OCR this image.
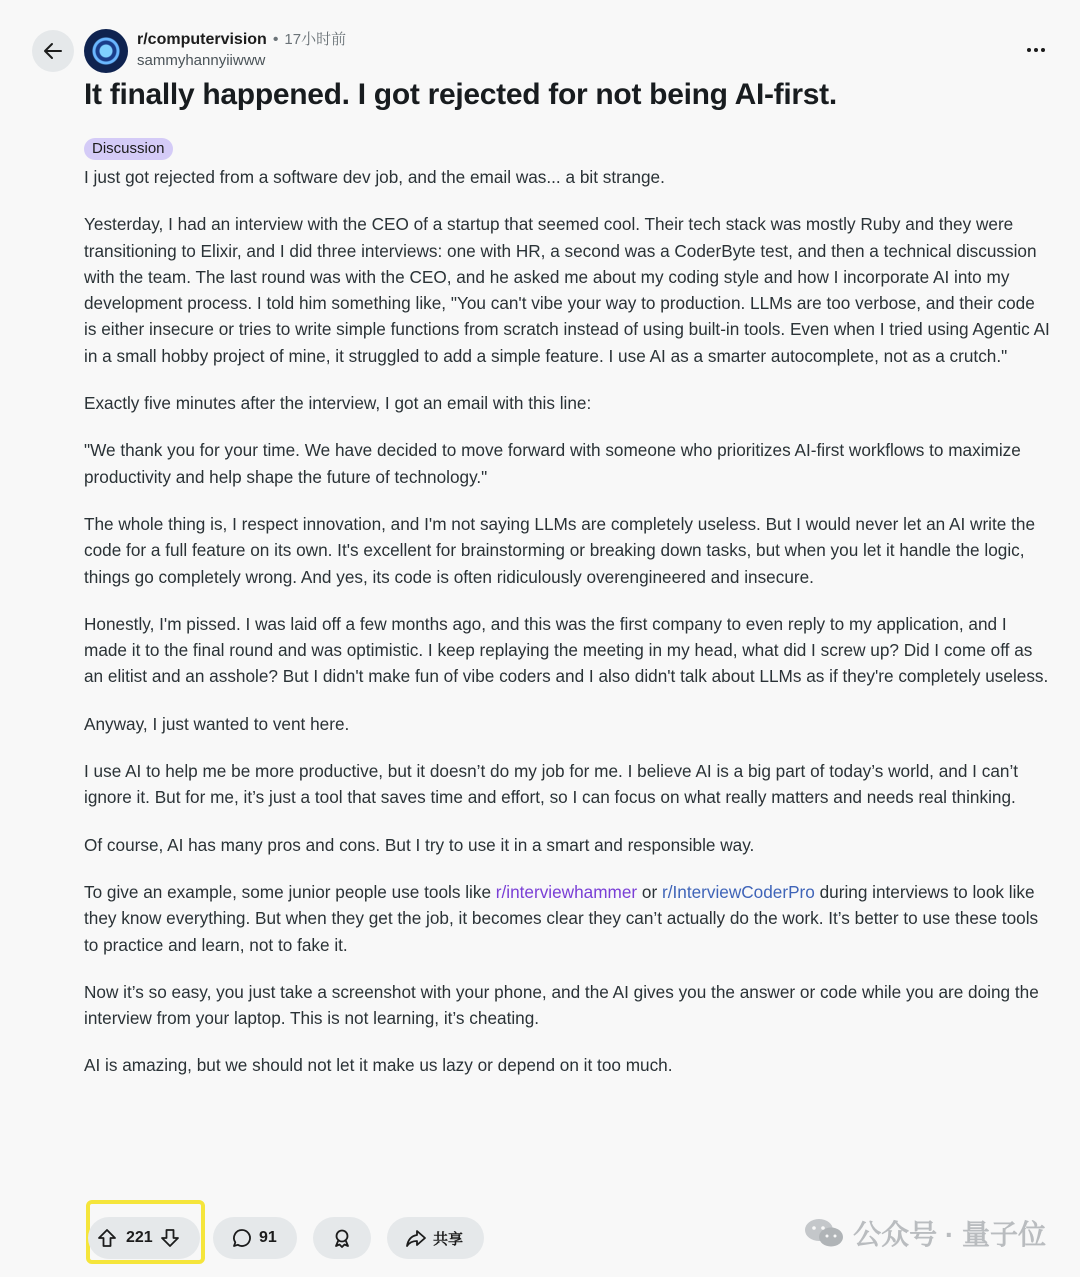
r/computervision • 17小时前
sammyhannyiiwww
It finally happened. I got rejected for not being AI-first.
Discussion

I just got rejected from a software dev job, and the email was... a bit strange.

Yesterday, I had an interview with the CEO of a startup that seemed cool. Their tech stack was mostly Ruby and they were transitioning to Elixir, and I did three interviews: one with HR, a second was a CoderByte test, and then a technical discussion with the team. The last round was with the CEO, and he asked me about my coding style and how I incorporate AI into my development process. I told him something like, "You can't vibe your way to production. LLMs are too verbose, and their code is either insecure or tries to write simple functions from scratch instead of using built-in tools. Even when I tried using Agentic AI in a small hobby project of mine, it struggled to add a simple feature. I use AI as a smarter autocomplete, not as a crutch."

Exactly five minutes after the interview, I got an email with this line:

"We thank you for your time. We have decided to move forward with someone who prioritizes AI-first workflows to maximize productivity and help shape the future of technology."

The whole thing is, I respect innovation, and I'm not saying LLMs are completely useless. But I would never let an AI write the code for a full feature on its own. It's excellent for brainstorming or breaking down tasks, but when you let it handle the logic, things go completely wrong. And yes, its code is often ridiculously overengineered and insecure.

Honestly, I'm pissed. I was laid off a few months ago, and this was the first company to even reply to my application, and I made it to the final round and was optimistic. I keep replaying the meeting in my head, what did I screw up? Did I come off as an elitist and an asshole? But I didn't make fun of vibe coders and I also didn't talk about LLMs as if they're completely useless.

Anyway, I just wanted to vent here.

I use AI to help me be more productive, but it doesn’t do my job for me. I believe AI is a big part of today’s world, and I can’t ignore it. But for me, it’s just a tool that saves time and effort, so I can focus on what really matters and needs real thinking.

Of course, AI has many pros and cons. But I try to use it in a smart and responsible way.

To give an example, some junior people use tools like r/interviewhammer or r/InterviewCoderPro during interviews to look like they know everything. But when they get the job, it becomes clear they can’t actually do the work. It’s better to use these tools to practice and learn, not to fake it.

Now it’s so easy, you just take a screenshot with your phone, and the AI gives you the answer or code while you are doing the interview from your laptop. This is not learning, it’s cheating.

AI is amazing, but we should not let it make us lazy or depend on it too much.

221	91	共享	公众号 · 量子位
